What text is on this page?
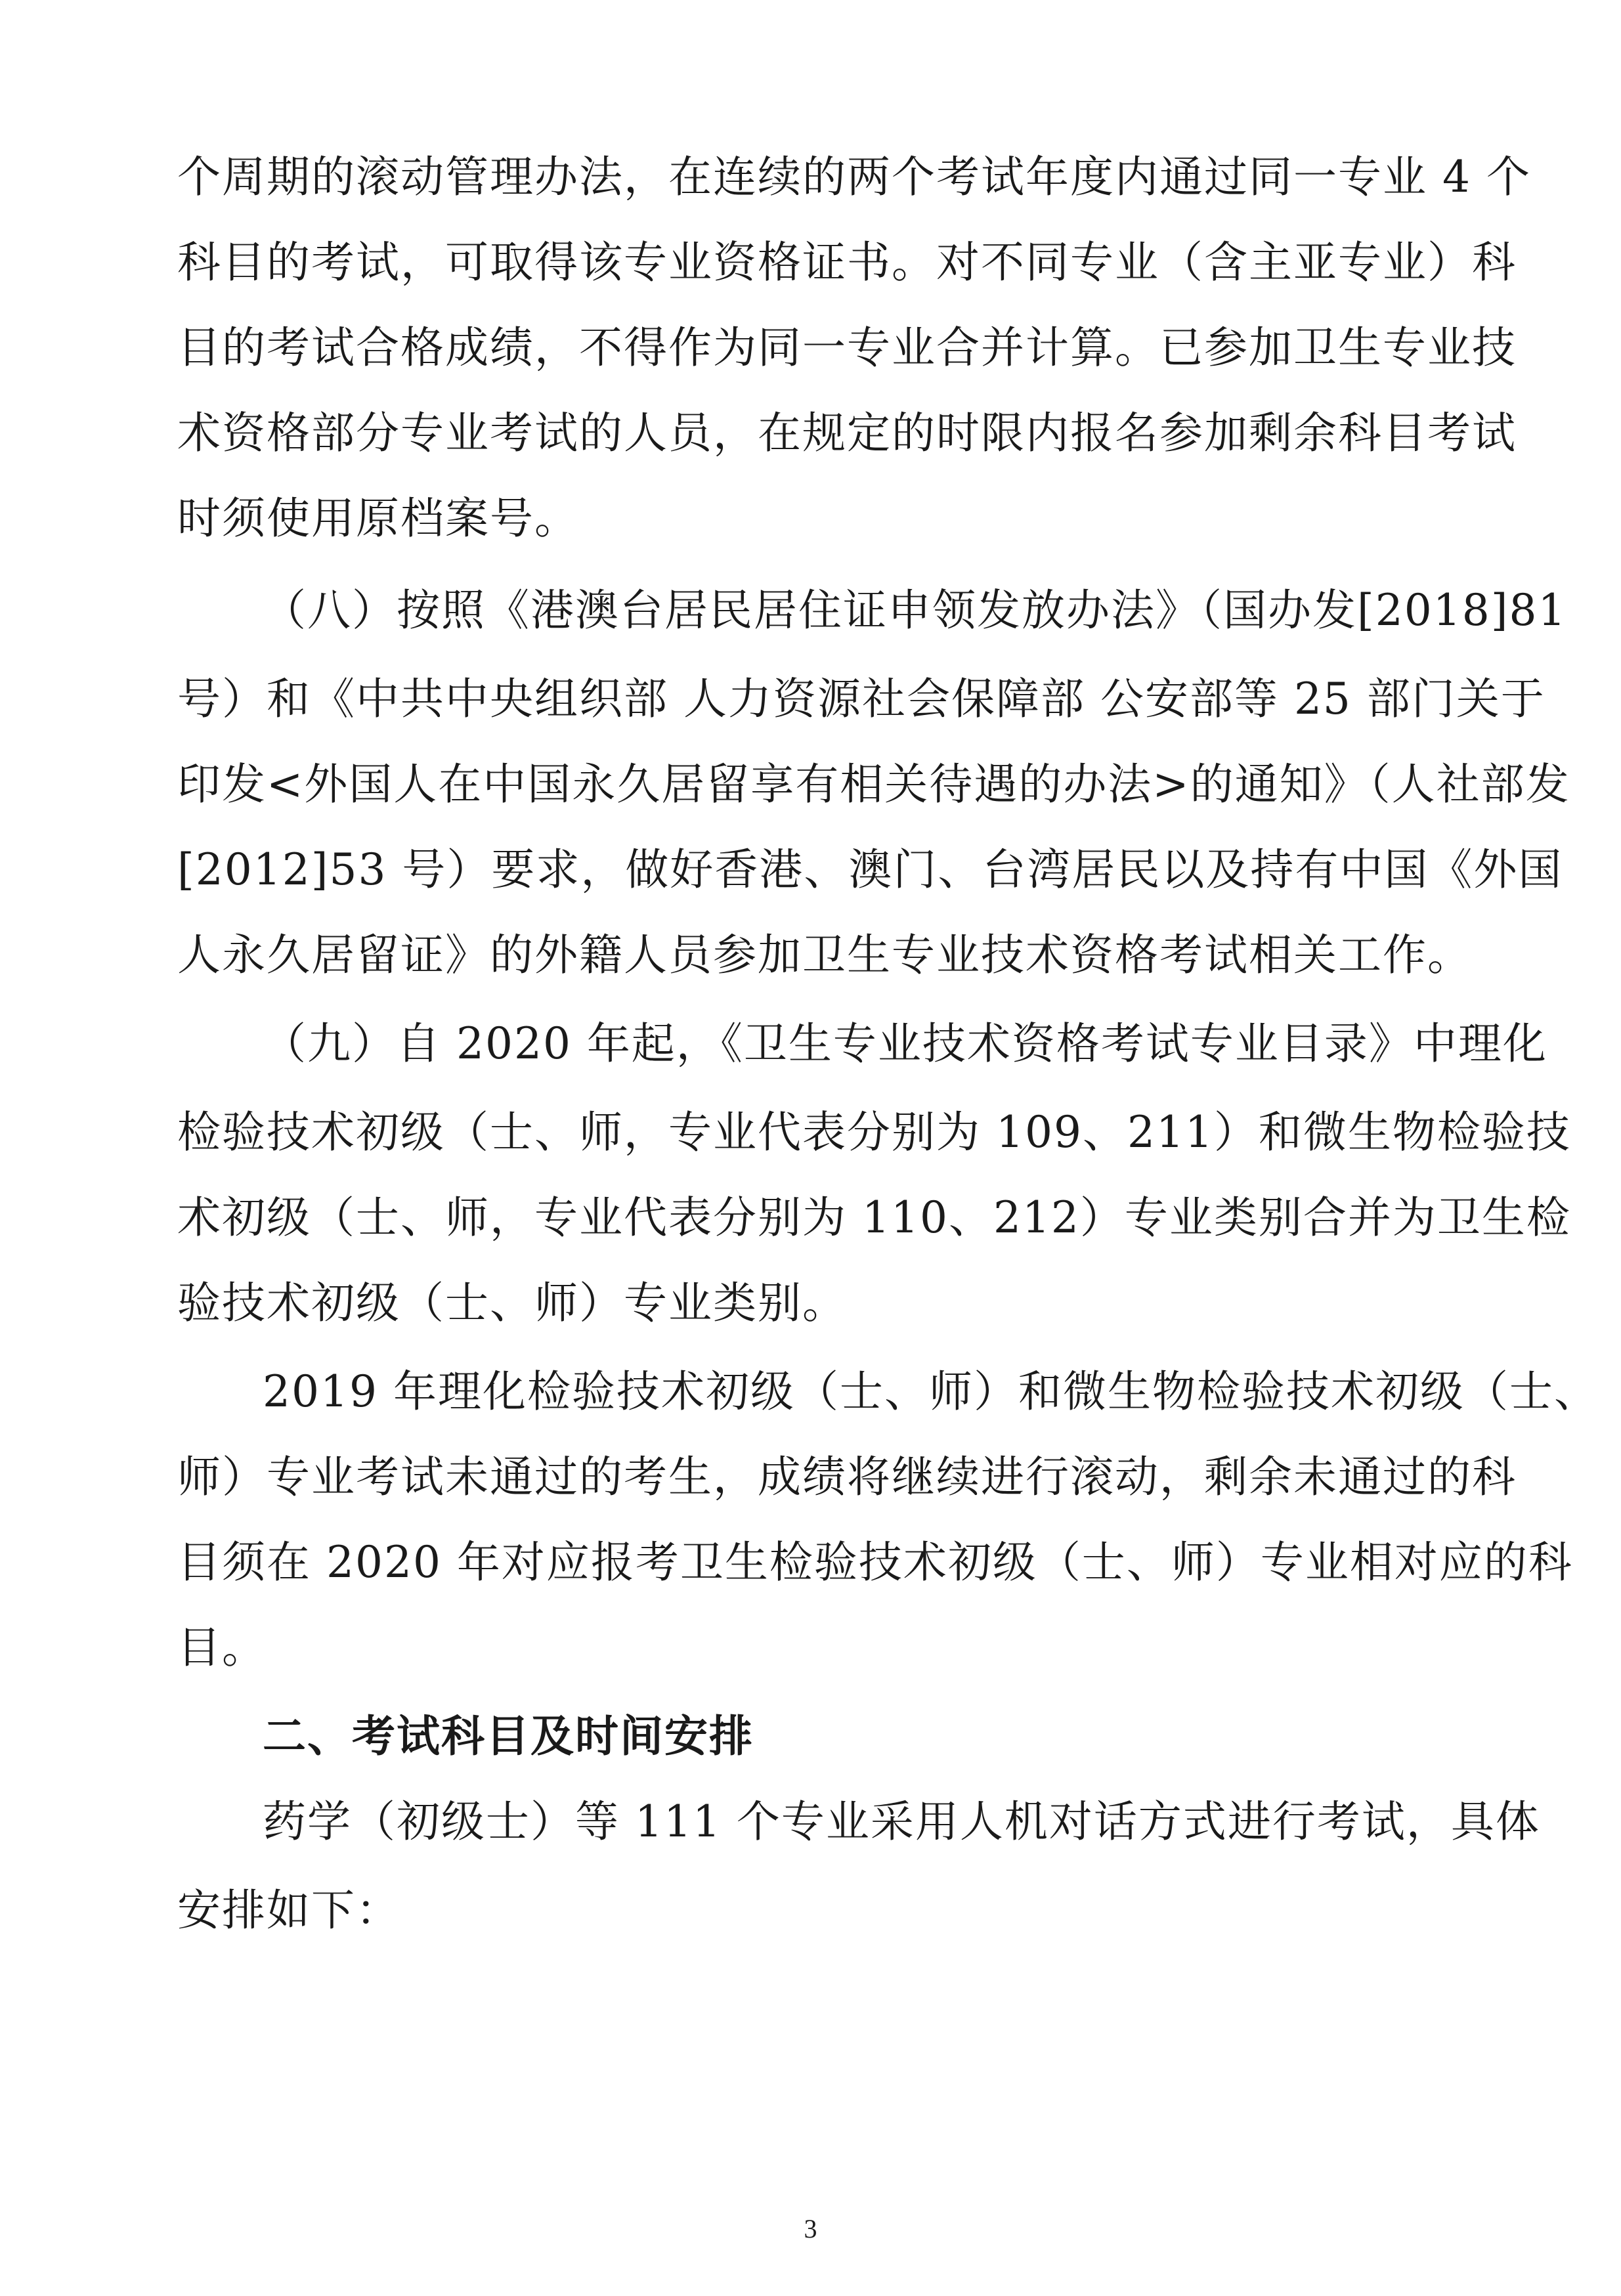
个周期的滚动管理办法，在连续的两个考试年度内通过同一专业 4 个
科目的考试，可取得该专业资格证书。对不同专业（含主亚专业）科
目的考试合格成绩，不得作为同一专业合并计算。已参加卫生专业技
术资格部分专业考试的人员，在规定的时限内报名参加剩余科目考试
时须使用原档案号。
（八）按照《港澳台居民居住证申领发放办法》（国办发[2018]81
号）和《中共中央组织部 人力资源社会保障部 公安部等 25 部门关于
印发<外国人在中国永久居留享有相关待遇的办法>的通知》（人社部发
[2012]53 号）要求，做好香港、澳门、台湾居民以及持有中国《外国
人永久居留证》的外籍人员参加卫生专业技术资格考试相关工作。
（九）自 2020 年起，《卫生专业技术资格考试专业目录》中理化
检验技术初级（士、师，专业代表分别为 109、211）和微生物检验技
术初级（士、师，专业代表分别为 110、212）专业类别合并为卫生检
验技术初级（士、师）专业类别。
2019 年理化检验技术初级（士、师）和微生物检验技术初级（士、
师）专业考试未通过的考生，成绩将继续进行滚动，剩余未通过的科
目须在 2020 年对应报考卫生检验技术初级（士、师）专业相对应的科
目。
二、考试科目及时间安排
药学（初级士）等 111 个专业采用人机对话方式进行考试，具体
安排如下：
3
